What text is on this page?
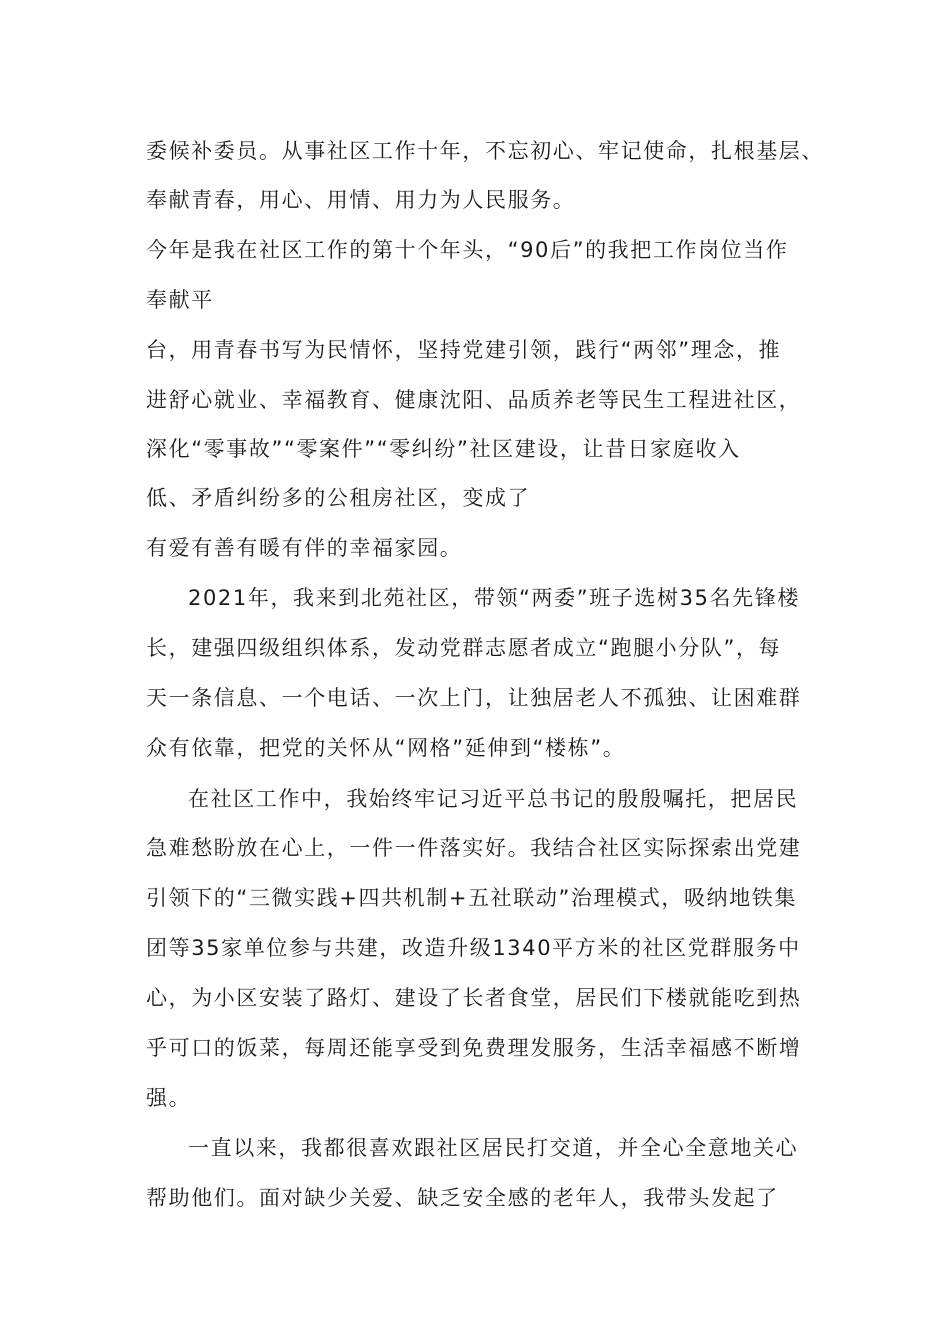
委候补委员。从事社区工作十年，不忘初心、牢记使命，扎根基层、
奉献青春，用心、用情、用力为人民服务。
今年是我在社区工作的第十个年头，“90后”的我把工作岗位当作
奉献平
台，用青春书写为民情怀，坚持党建引领，践行“两邻”理念，推
进舒心就业、幸福教育、健康沈阳、品质养老等民生工程进社区，
深化“零事故”“零案件”“零纠纷”社区建设，让昔日家庭收入
低、矛盾纠纷多的公租房社区，变成了
有爱有善有暖有伴的幸福家园。
2021年，我来到北苑社区，带领“两委”班子选树35名先锋楼
长，建强四级组织体系，发动党群志愿者成立“跑腿小分队”，每
天一条信息、一个电话、一次上门，让独居老人不孤独、让困难群
众有依靠，把党的关怀从“网格”延伸到“楼栋”。
在社区工作中，我始终牢记习近平总书记的殷殷嘱托，把居民
急难愁盼放在心上，一件一件落实好。我结合社区实际探索出党建
引领下的“三微实践+四共机制+五社联动”治理模式，吸纳地铁集
团等35家单位参与共建，改造升级1340平方米的社区党群服务中
心，为小区安装了路灯、建设了长者食堂，居民们下楼就能吃到热
乎可口的饭菜，每周还能享受到免费理发服务，生活幸福感不断增
强。
一直以来，我都很喜欢跟社区居民打交道，并全心全意地关心
帮助他们。面对缺少关爱、缺乏安全感的老年人，我带头发起了
